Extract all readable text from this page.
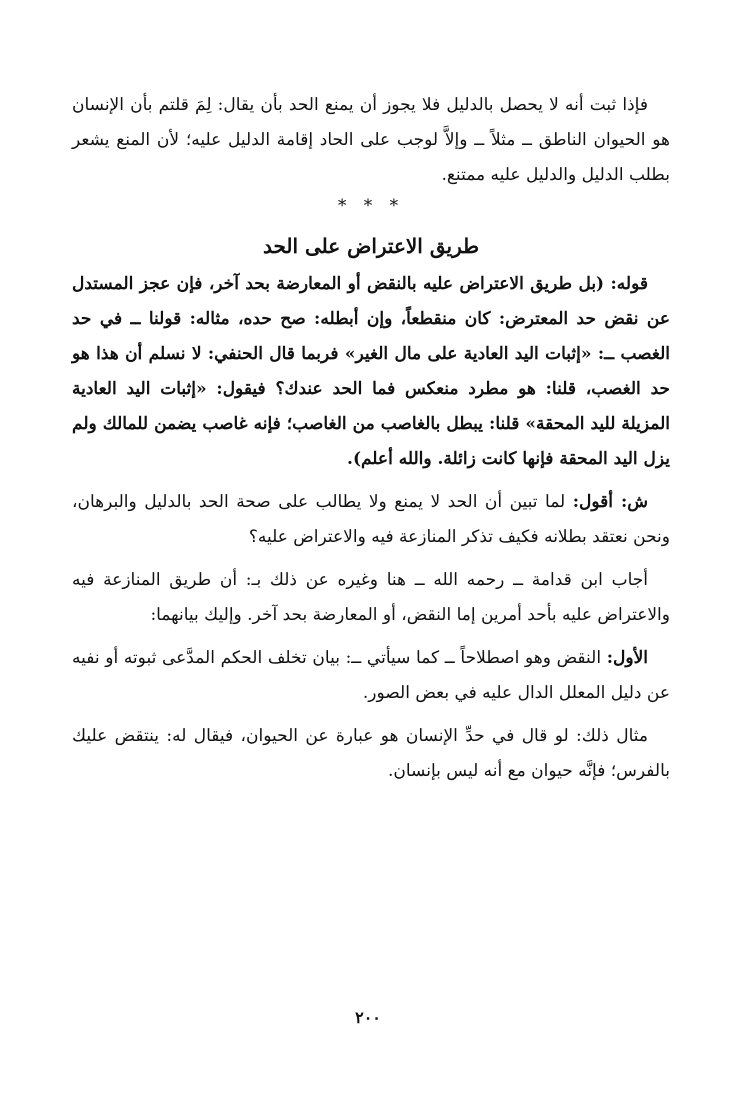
فإذا ثبت أنه لا يحصل بالدليل فلا يجوز أن يمنع الحد بأن يقال: لِمَ قلتم بأن الإنسان هو الحيوان الناطق ــ مثلاً ــ وإلاَّ لوجب على الحاد إقامة الدليل عليه؛ لأن المنع يشعر بطلب الدليل والدليل عليه ممتنع.

* * *

طريق الاعتراض على الحد

قوله: (بل طريق الاعتراض عليه بالنقض أو المعارضة بحد آخر، فإن عجز المستدل عن نقض حد المعترض: كان منقطعاً، وإن أبطله: صح حده، مثاله: قولنا ــ في حد الغصب ــ: «إثبات اليد العادية على مال الغير» فربما قال الحنفي: لا نسلم أن هذا هو حد الغصب، قلنا: هو مطرد منعكس فما الحد عندك؟ فيقول: «إثبات اليد العادية المزيلة لليد المحقة» قلنا: يبطل بالغاصب من الغاصب؛ فإنه غاصب يضمن للمالك ولم يزل اليد المحقة فإنها كانت زائلة. والله أعلم).

ش: أقول: لما تبين أن الحد لا يمنع ولا يطالب على صحة الحد بالدليل والبرهان، ونحن نعتقد بطلانه فكيف تذكر المنازعة فيه والاعتراض عليه؟

أجاب ابن قدامة ــ رحمه الله ــ هنا وغيره عن ذلك بـ: أن طريق المنازعة فيه والاعتراض عليه بأحد أمرين إما النقض، أو المعارضة بحد آخر. وإليك بيانهما:

الأول: النقض وهو اصطلاحاً ــ كما سيأتي ــ: بيان تخلف الحكم المدَّعى ثبوته أو نفيه عن دليل المعلل الدال عليه في بعض الصور.

مثال ذلك: لو قال في حدِّ الإنسان هو عبارة عن الحيوان، فيقال له: ينتقض عليك بالفرس؛ فإنَّه حيوان مع أنه ليس بإنسان.

٢٠٠
